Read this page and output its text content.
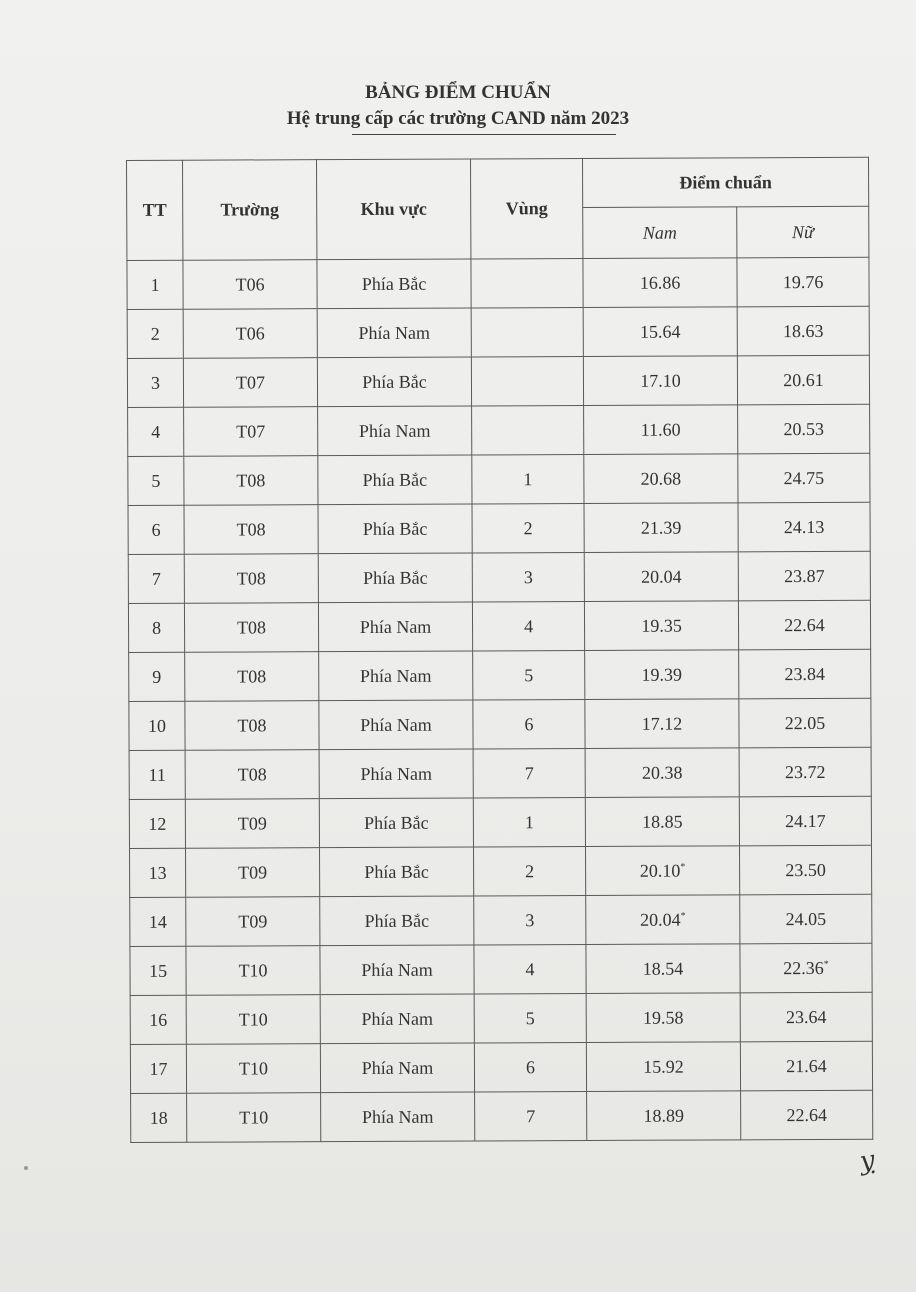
BẢNG ĐIỂM CHUẨN
Hệ trung cấp các trường CAND năm 2023
TT	Trường	Khu vực	Vùng	Điểm chuẩn	
				Nam	Nữ
1	T06	Phía Bắc		16.86	19.76
2	T06	Phía Nam		15.64	18.63
3	T07	Phía Bắc		17.10	20.61
4	T07	Phía Nam		11.60	20.53
5	T08	Phía Bắc	1	20.68	24.75
6	T08	Phía Bắc	2	21.39	24.13
7	T08	Phía Bắc	3	20.04	23.87
8	T08	Phía Nam	4	19.35	22.64
9	T08	Phía Nam	5	19.39	23.84
10	T08	Phía Nam	6	17.12	22.05
11	T08	Phía Nam	7	20.38	23.72
12	T09	Phía Bắc	1	18.85	24.17
13	T09	Phía Bắc	2	20.10*	23.50
14	T09	Phía Bắc	3	20.04*	24.05
15	T10	Phía Nam	4	18.54	22.36*
16	T10	Phía Nam	5	19.58	23.64
17	T10	Phía Nam	6	15.92	21.64
18	T10	Phía Nam	7	18.89	22.64
ỵ
